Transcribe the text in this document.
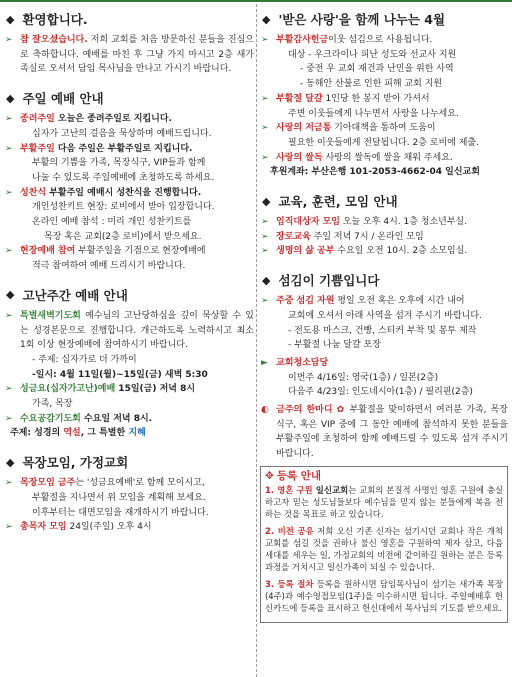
◆ 환영합니다.
➢ 참 잘오셨습니다. 저희 교회를 처음 방문하신 분들을 진심으로 축하합니다. 예배를 마친 후 그냥 가지 마시고 2층 새가족실로 오셔서 담임 목사님을 만나고 가시기 바랍니다.
◆ 주일 예배 안내
➢ 종려주일 오늘은 종려주일로 지킵니다.
십자가 고난의 걸음을 묵상하며 예배드립니다.
➢ 부활주일 다음 주일은 부활주일로 지킵니다.
부활의 기쁨을 가족, 목장식구, VIP들과 함께
나눌 수 있도록 주일예배에 초청하도록 하세요.
➢ 성찬식 부활주일 예배시 성찬식을 진행합니다.
개인성찬키트 현장: 로비에서 받아 입장합니다.
온라인 예배 참석 : 미리 개인 성찬키트를
목장 혹은 교회(2층 로비)에서 받으세요.
➢ 현장예배 참여 부활주일을 기점으로 현장예배에
적극 참여하여 예배 드리시기 바랍니다.
◆ 고난주간 예배 안내
➢ 특별새벽기도회 예수님의 고난당하심을 깊이 묵상할 수 있는 성경본문으로 진행합니다. 개근하도록 노력하시고 최소 1회 이상 현장예배에 참여하시기 바랍니다.
- 주제: 십자가로 더 가까이
-일시: 4월 11일(월)~15일(금) 새벽 5:30
➢ 성금요(십자가고난)예배 15일(금) 저녁 8시
가족, 목장
➢ 수요공감기도회 수요일 저녁 8시.
주제: 성경의 역설, 그 특별한 지혜
◆ 목장모임, 가정교회
➢ 목장모임 금주는 '성금요예배'로 함께 모이시고,
부활절을 지나면서 위 모임을 계획해 보세요.
이후부터는 대면모임을 재개하시기 바랍니다.
➢ 총목자 모임 24일(주일) 오후 4시
◆ '받은 사랑'을 함께 나누는 4월
➢ 부활감사헌금이웃 섬김으로 사용됩니다.
대상 - 우크라이나 피난 성도와 선교사 지원
- 중전 우 교회 재건과 난민을 위한 사역
- 동해안 산불로 인한 피해 교회 지원
➢ 부활절 달걀 1인당 한 봉지 받아 가셔서
주변 이웃들에게 나누면서 사랑을 나누세요.
➢ 사랑의 저금통 기아대책을 통하여 도움이
필요한 이웃들에게 전달됩니다. 2층 로비에 제출.
➢ 사랑의 쌀독 사랑의 쌀독에 쌀을 채워 주세요.
후원계좌: 부산은행 101-2053-4662-04 일신교회
◆ 교육, 훈련, 모임 안내
➢ 임직대상자 모임 오늘 오후 4시. 1층 청소년부실.
➢ 장로교육 주일 저녁 7시 / 온라인 모임
➢ 생명의 삶 공부 수요일 오전 10시. 2층 소모임실.
◆ 섬김이 기쁨입니다
➢ 주중 섬김 자원 평일 오전 혹은 오후에 시간 내어
교회에 오셔서 아래 사역을 섬겨 주시기 바랍니다.
- 전도용 마스크, 건빵, 스티커 부착 및 봉투 제작
- 부활절 나눔 달걀 포장
► 교회청소담당
이번주 4/16일: 영국(1층) / 일본(2층)
다음주 4/23일: 인도네시아(1층) / 필리핀(2층)
◐ 금주의 한마디 ✿ 부활절을 맞이하면서 여러분 가족, 목장 식구, 혹은 VIP 중에 그 동안 예배에 참석하지 못한 분들을 부활주일에 초청하여 함께 예배드릴 수 있도록 섬겨 주시기 바랍니다.
✥ 등록 안내

1. 영혼 구원 일신교회는 교회의 본질적 사명인 영혼 구원에 충실하고자 믿는 성도님들보다 예수님을 믿지 않는 분들에게 복음 전하는 것을 목표로 하고 있습니다.

2. 비전 공유 저희 오신 기존 신자는 섬기시던 교회나 작은 개척교회를 섬길 것을 권하나 불신 영혼을 구원하여 제자 삼고, 다음 세대를 세우는 일, 가정교회의 비전에 같이하길 원하는 분은 등록 과정을 거치시고 일신가족이 되실 수 있습니다.

3. 등록 절차 등록을 원하시면 담임목사님이 섬기는 새가족 목장(4주)과 예수영접모임(1주)을 이수하시면 됩니다. 주일예배후 헌신카드에 등록을 표시하고 헌신대에서 목사님의 기도를 받으세요.
